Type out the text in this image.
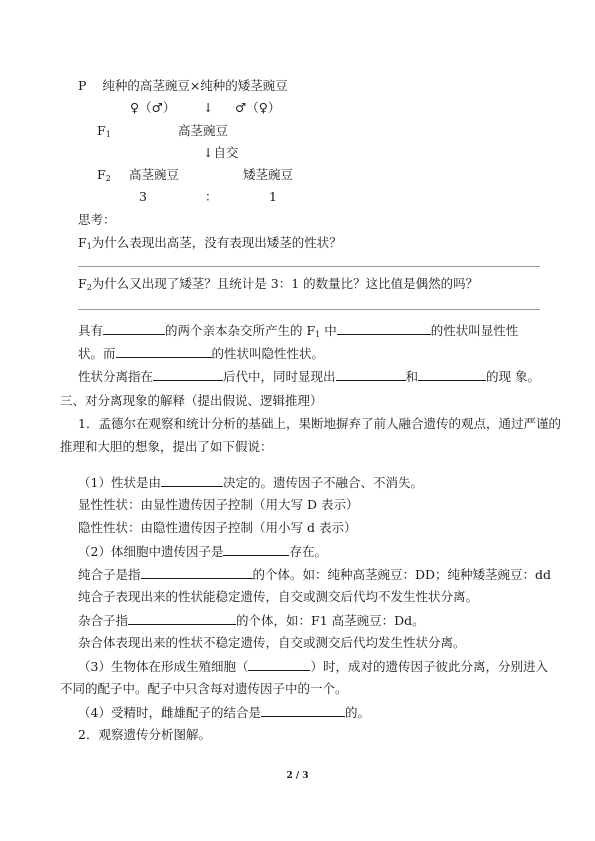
P 纯种的高茎豌豆×纯种的矮茎豌豆
♀（♂） ↓ ♂（♀）
$F_1$	高茎豌豆
↓自交
$F_2$ 高茎豌豆	矮茎豌豆
3	：	1
思考：
$F_1$为什么表现出高茎，没有表现出矮茎的性状？
$F_2$为什么又出现了矮茎？且统计是 3：1 的数量比？这比值是偶然的吗？
具有	的两个亲本杂交所产生的 $F_1$ 中	的性状叫显性性
状。而	的性状叫隐性性状。
性状分离指在	后代中，同时显现出	和	的现 象。
三、对分离现象的解释（提出假说、逻辑推理）
1．孟德尔在观察和统计分析的基础上，果断地摒弃了前人融合遗传的观点，通过严谨的
推理和大胆的想象，提出了如下假说：
（1）性状是由	决定的。遗传因子不融合、不消失。
显性性状：由显性遗传因子控制（用大写 D 表示）
隐性性状：由隐性遗传因子控制（用小写 d 表示）
（2）体细胞中遗传因子是	存在。
纯合子是指	的个体。如：纯种高茎豌豆：DD；纯种矮茎豌豆：dd
纯合子表现出来的性状能稳定遗传，自交或测交后代均不发生性状分离。
杂合子指	的个体，如：F1 高茎豌豆：Dd。
杂合体表现出来的性状不稳定遗传，自交或测交后代均发生性状分离。
（3）生物体在形成生殖细胞（	）时，成对的遗传因子彼此分离，分别进入
不同的配子中。配子中只含每对遗传因子中的一个。
（4）受精时，雌雄配子的结合是	的。
2．观察遗传分析图解。
2 / 3
